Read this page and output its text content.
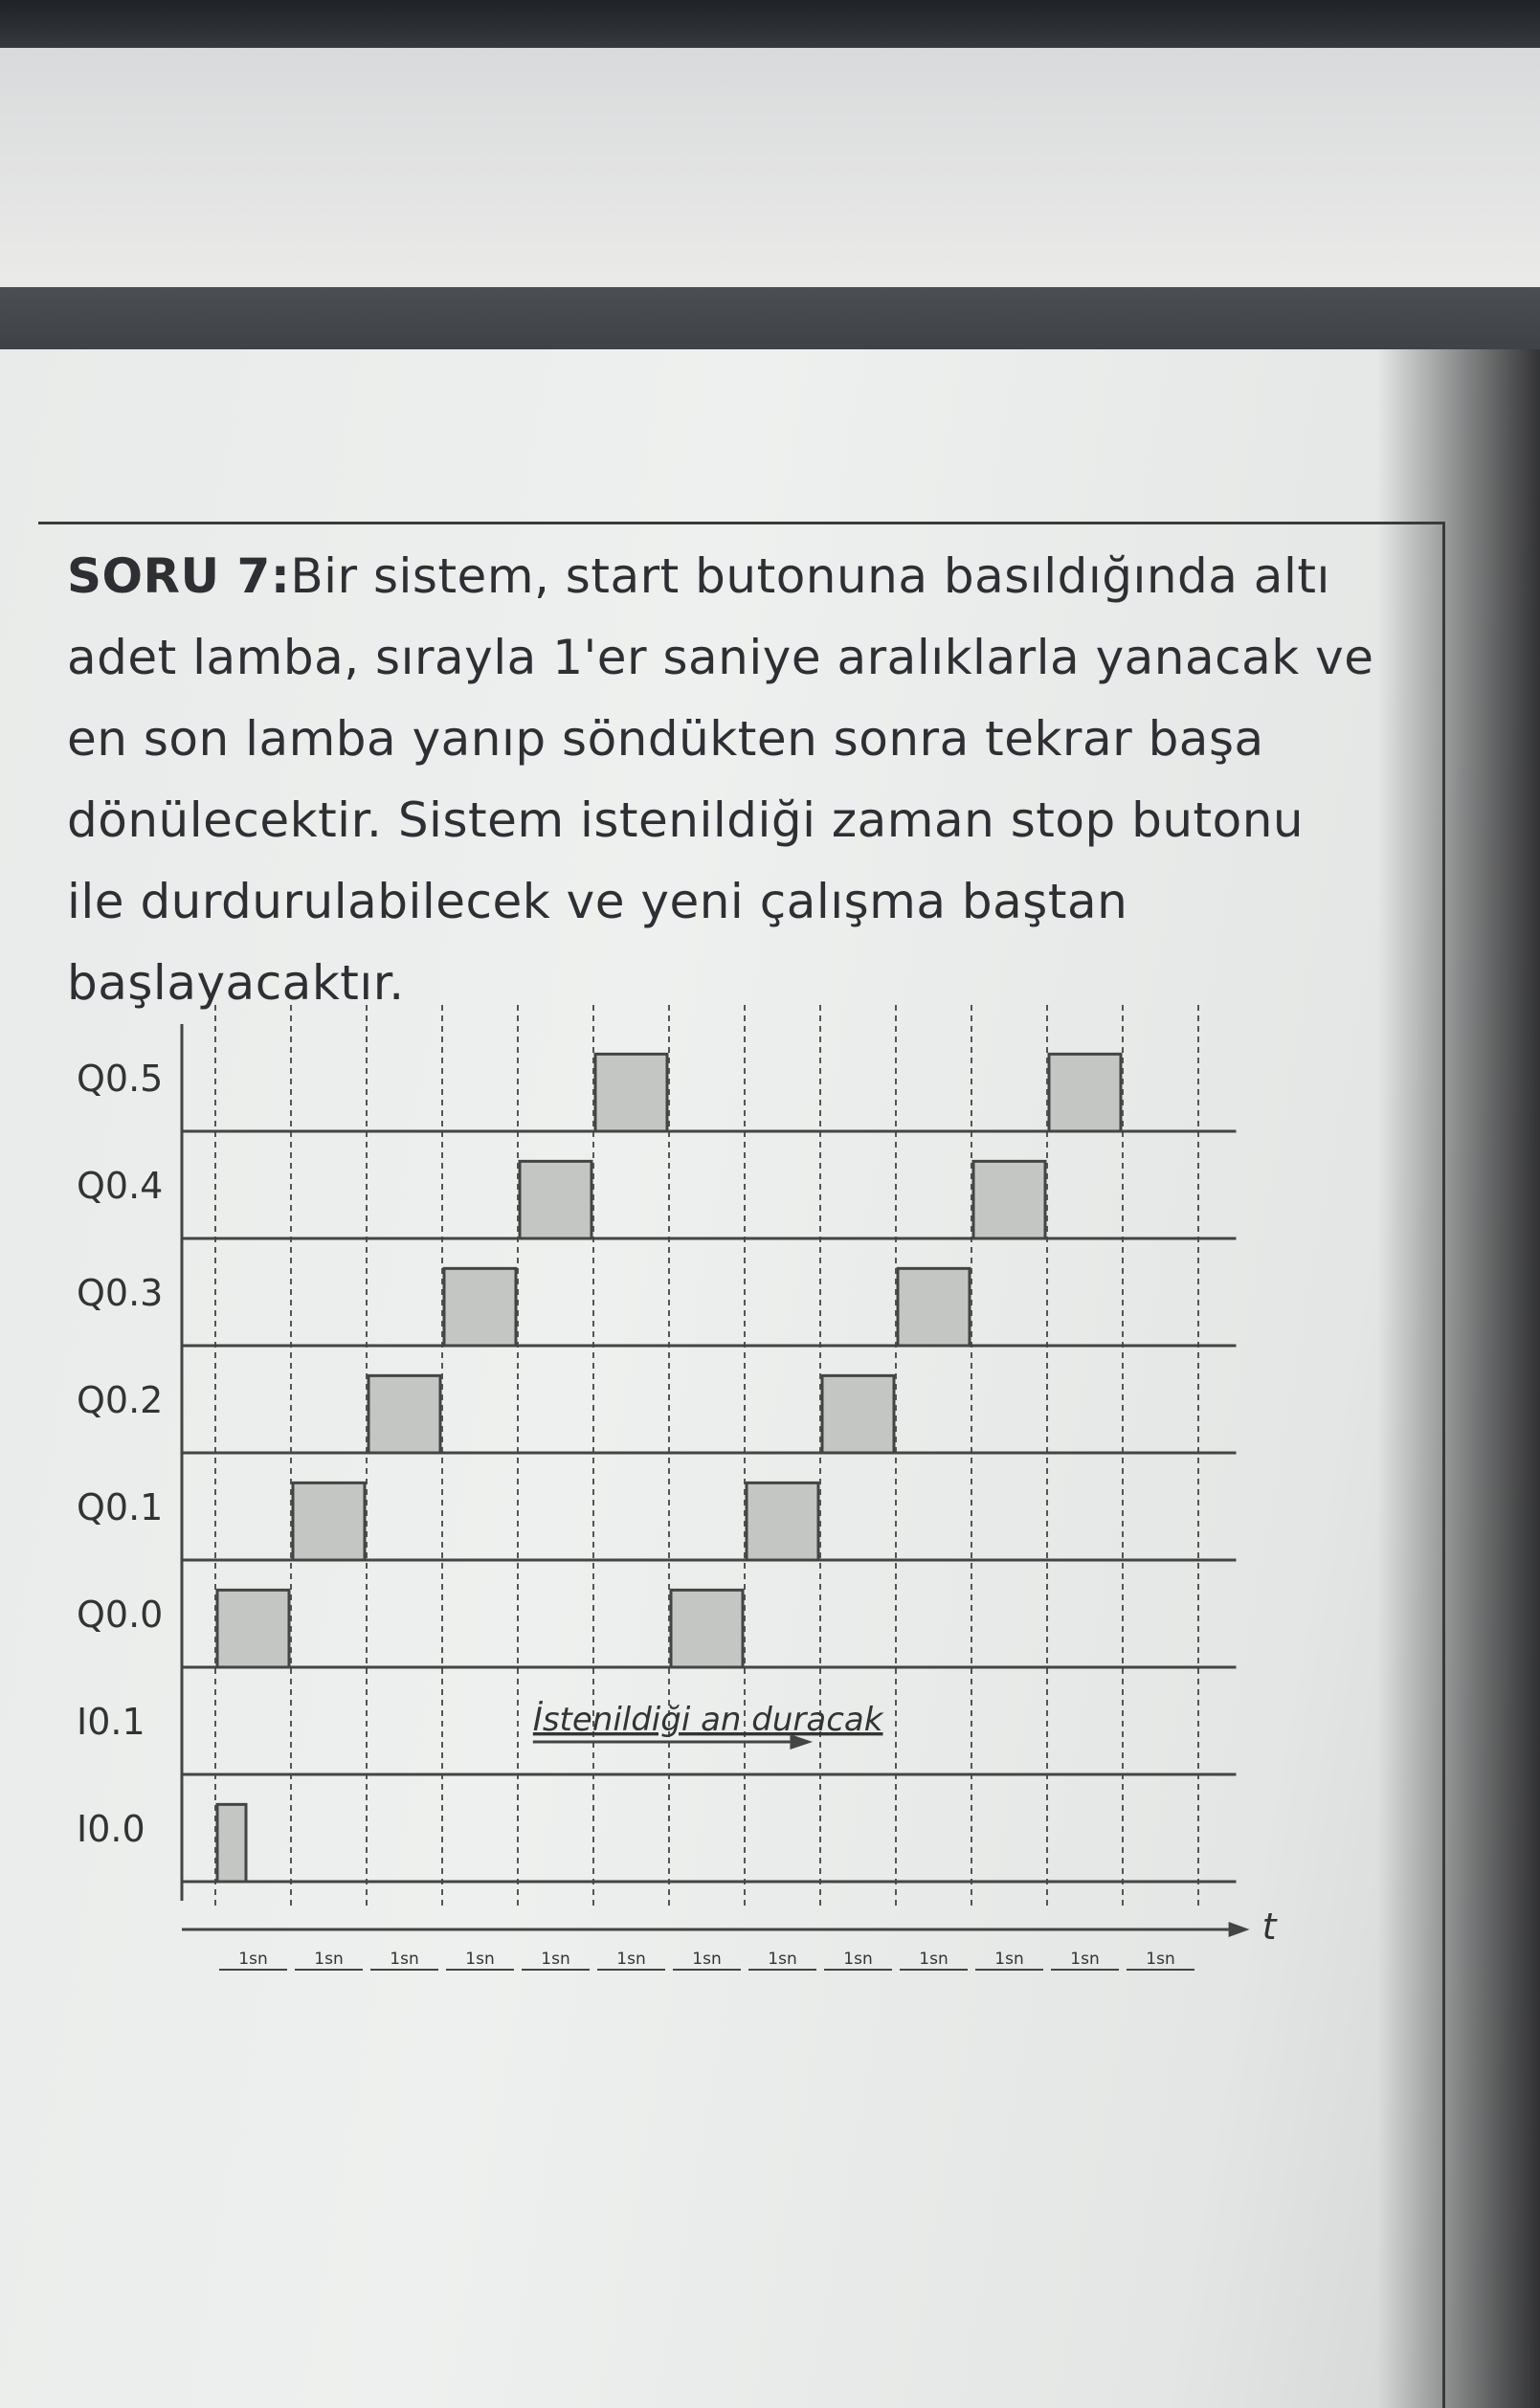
SORU 7:Bir sistem, start butonuna basıldığında altı
adet lamba, sırayla 1'er saniye aralıklarla yanacak ve
en son lamba yanıp söndükten sonra tekrar başa
dönülecektir. Sistem istenildiği zaman stop butonu
ile durdurulabilecek ve yeni çalışma baştan
başlayacaktır.

Q0.5
Q0.4
Q0.3
Q0.2
Q0.1
Q0.0
I0.1
I0.0
İstenildiği an duracak
t
1sn	1sn	1sn	1sn	1sn	1sn	1sn	1sn	1sn	1sn	1sn	1sn	1sn
